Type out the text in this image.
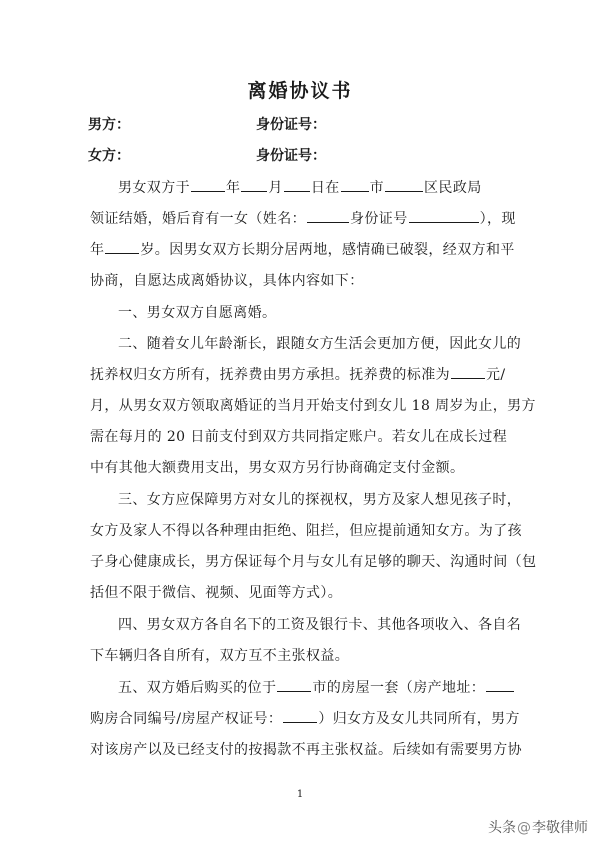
离婚协议书
男方：	身份证号：
女方：	身份证号：
男女双方于	年 月 日在 市	区民政局
领证结婚，婚后育有一女（姓名：	身份证号	），现
年	岁。因男女双方长期分居两地，感情确已破裂，经双方和平
协商，自愿达成离婚协议，具体内容如下：
一、男女双方自愿离婚。
二、随着女儿年龄渐长，跟随女方生活会更加方便，因此女儿的
抚养权归女方所有，抚养费由男方承担。抚养费的标准为	元/
月，从男女双方领取离婚证的当月开始支付到女儿 18 周岁为止，男方
需在每月的 20 日前支付到双方共同指定账户。若女儿在成长过程
中有其他大额费用支出，男女双方另行协商确定支付金额。
三、女方应保障男方对女儿的探视权，男方及家人想见孩子时，
女方及家人不得以各种理由拒绝、阻拦，但应提前通知女方。为了孩
子身心健康成长，男方保证每个月与女儿有足够的聊天、沟通时间（包
括但不限于微信、视频、见面等方式）。
四、男女双方各自名下的工资及银行卡、其他各项收入、各自名
下车辆归各自所有，双方互不主张权益。
五、双方婚后购买的位于	市的房屋一套（房产地址：
购房合同编号/房屋产权证号：	）归女方及女儿共同所有，男方
对该房产以及已经支付的按揭款不再主张权益。后续如有需要男方协
1
头条@李敬律师
